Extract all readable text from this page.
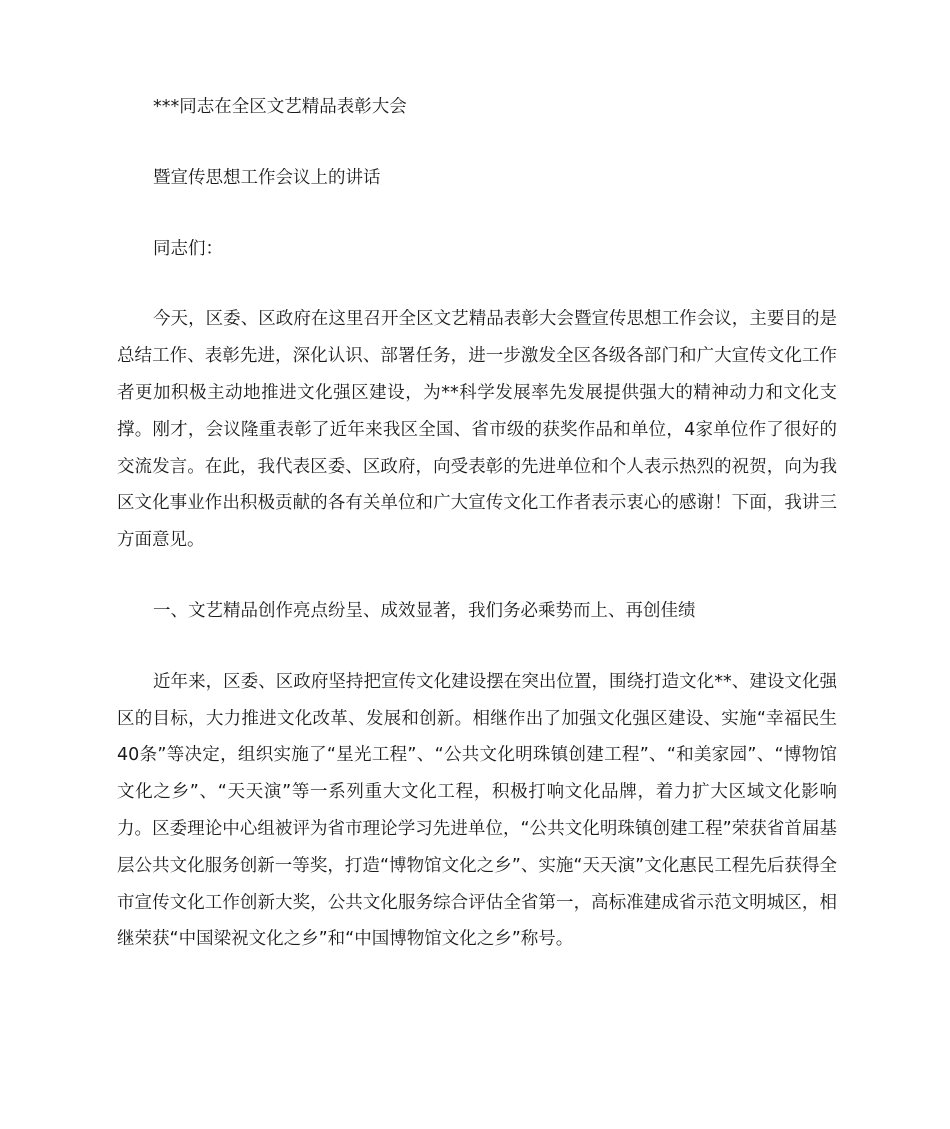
***同志在全区文艺精品表彰大会

暨宣传思想工作会议上的讲话

同志们：

今天，区委、区政府在这里召开全区文艺精品表彰大会暨宣传思想工作会议，主要目的是总结工作、表彰先进，深化认识、部署任务，进一步激发全区各级各部门和广大宣传文化工作者更加积极主动地推进文化强区建设，为**科学发展率先发展提供强大的精神动力和文化支撑。刚才，会议隆重表彰了近年来我区全国、省市级的获奖作品和单位，4家单位作了很好的交流发言。在此，我代表区委、区政府，向受表彰的先进单位和个人表示热烈的祝贺，向为我区文化事业作出积极贡献的各有关单位和广大宣传文化工作者表示衷心的感谢！下面，我讲三方面意见。

一、文艺精品创作亮点纷呈、成效显著，我们务必乘势而上、再创佳绩

近年来，区委、区政府坚持把宣传文化建设摆在突出位置，围绕打造文化**、建设文化强区的目标，大力推进文化改革、发展和创新。相继作出了加强文化强区建设、实施“幸福民生40条”等决定，组织实施了“星光工程”、“公共文化明珠镇创建工程”、“和美家园”、“博物馆文化之乡”、“天天演”等一系列重大文化工程，积极打响文化品牌，着力扩大区域文化影响力。区委理论中心组被评为省市理论学习先进单位，“公共文化明珠镇创建工程”荣获省首届基层公共文化服务创新一等奖，打造“博物馆文化之乡”、实施“天天演”文化惠民工程先后获得全市宣传文化工作创新大奖，公共文化服务综合评估全省第一，高标准建成省示范文明城区，相继荣获“中国梁祝文化之乡”和“中国博物馆文化之乡”称号。
